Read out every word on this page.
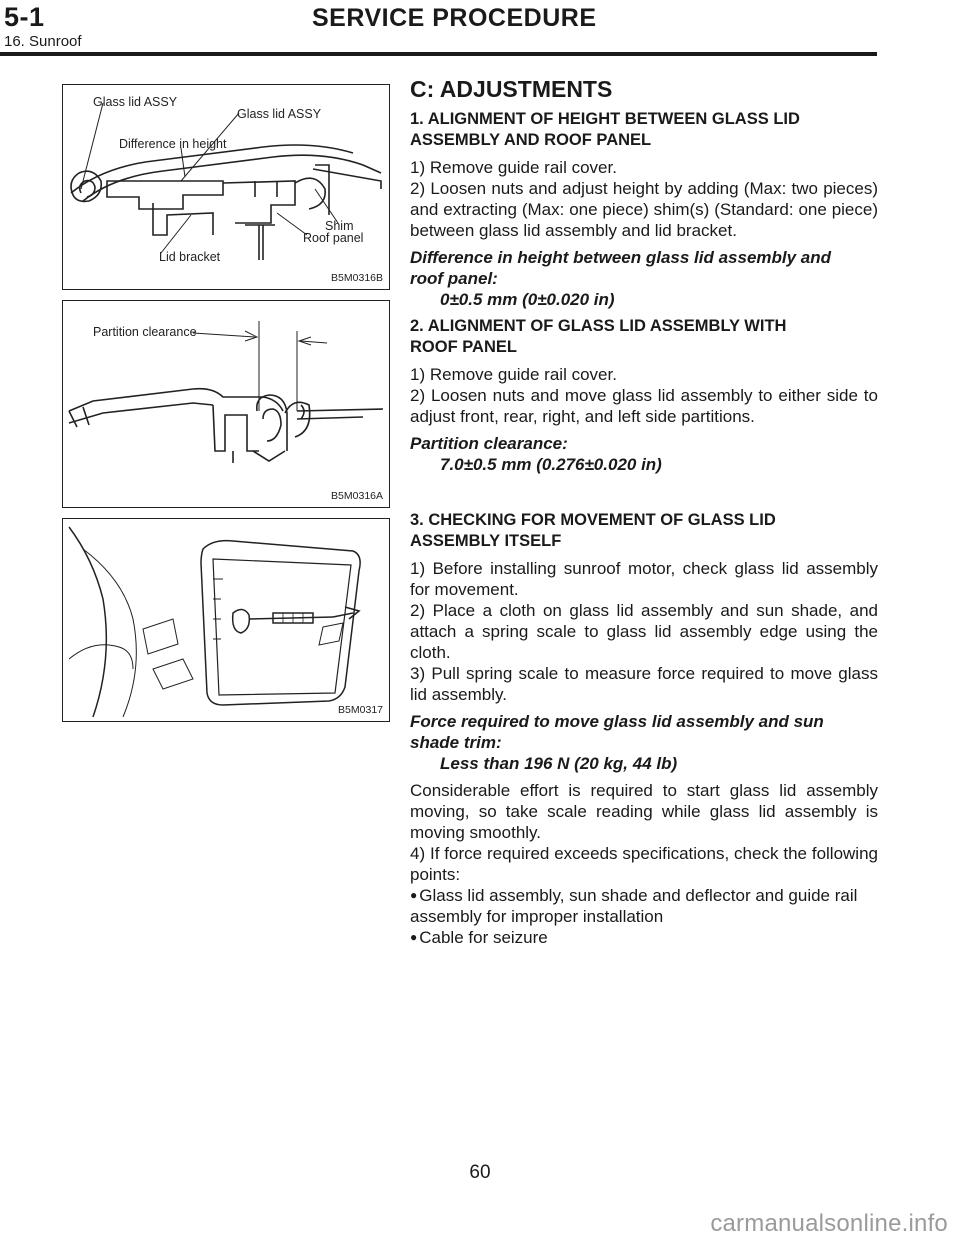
5-1	SERVICE PROCEDURE
16. Sunroof
Glass lid ASSY
Glass lid ASSY
Difference in height
Shim
Roof panel
Lid bracket
B5M0316B
Partition clearance
B5M0316A
B5M0317
C: ADJUSTMENTS
1. ALIGNMENT OF HEIGHT BETWEEN GLASS LID
ASSEMBLY AND ROOF PANEL

1) Remove guide rail cover.

2) Loosen nuts and adjust height by adding (Max: two pieces) and extracting (Max: one piece) shim(s) (Standard: one piece) between glass lid assembly and lid bracket.

Difference in height between glass lid assembly and

roof panel:

0±0.5 mm (0±0.020 in)

2. ALIGNMENT OF GLASS LID ASSEMBLY WITH
ROOF PANEL

1) Remove guide rail cover.

2) Loosen nuts and move glass lid assembly to either side to adjust front, rear, right, and left side partitions.

Partition clearance:

7.0±0.5 mm (0.276±0.020 in)

3. CHECKING FOR MOVEMENT OF GLASS LID
ASSEMBLY ITSELF

1) Before installing sunroof motor, check glass lid assembly for movement.

2) Place a cloth on glass lid assembly and sun shade, and attach a spring scale to glass lid assembly edge using the cloth.

3) Pull spring scale to measure force required to move glass lid assembly.

Force required to move glass lid assembly and sun

shade trim:

Less than 196 N (20 kg, 44 lb)

Considerable effort is required to start glass lid assembly moving, so take scale reading while glass lid assembly is moving smoothly.

4) If force required exceeds specifications, check the following points:

● Glass lid assembly, sun shade and deflector and guide rail assembly for improper installation

● Cable for seizure

60
carmanualsonline.info
